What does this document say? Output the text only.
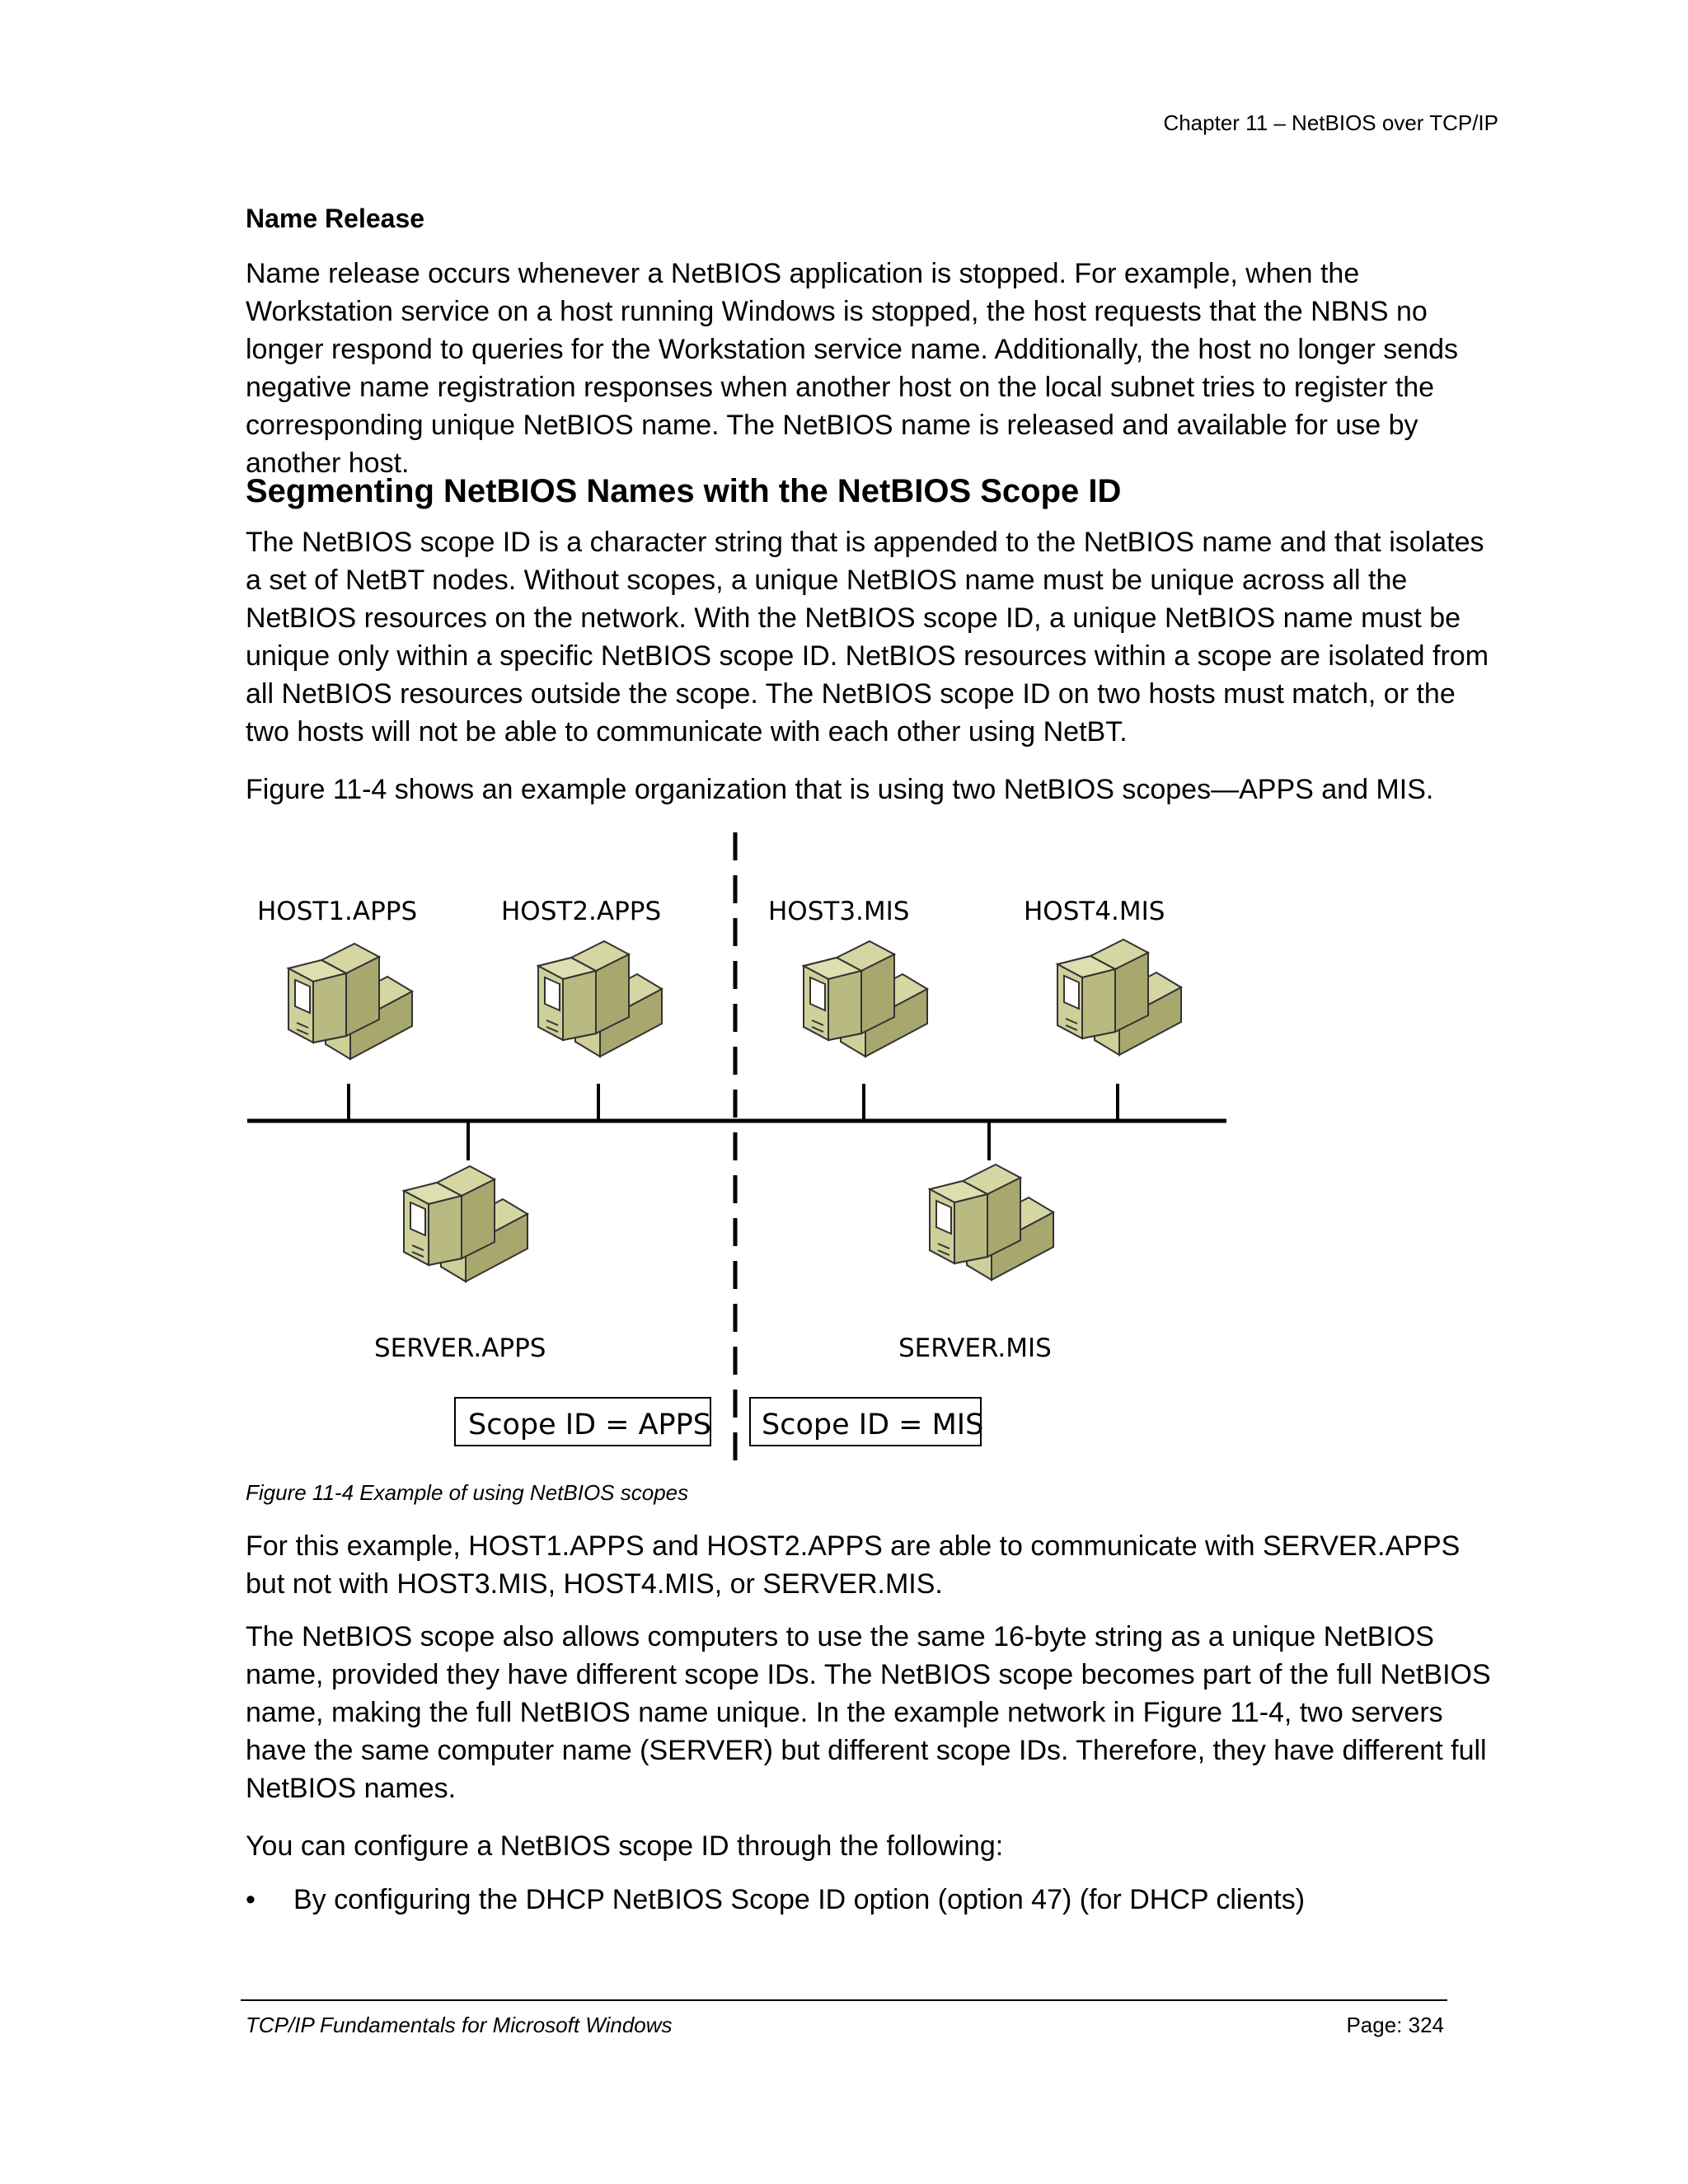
Chapter 11 – NetBIOS over TCP/IP
Name Release
Name release occurs whenever a NetBIOS application is stopped. For example, when the Workstation service on a host running Windows is stopped, the host requests that the NBNS no longer respond to queries for the Workstation service name. Additionally, the host no longer sends negative name registration responses when another host on the local subnet tries to register the corresponding unique NetBIOS name. The NetBIOS name is released and available for use by another host.
Segmenting NetBIOS Names with the NetBIOS Scope ID
The NetBIOS scope ID is a character string that is appended to the NetBIOS name and that isolates a set of NetBT nodes. Without scopes, a unique NetBIOS name must be unique across all the NetBIOS resources on the network. With the NetBIOS scope ID, a unique NetBIOS name must be unique only within a specific NetBIOS scope ID. NetBIOS resources within a scope are isolated from all NetBIOS resources outside the scope. The NetBIOS scope ID on two hosts must match, or the two hosts will not be able to communicate with each other using NetBT.
Figure 11-4 shows an example organization that is using two NetBIOS scopes—APPS and MIS.
HOST1.APPS	HOST2.APPS	HOST3.MIS	HOST4.MIS
SERVER.APPS	SERVER.MIS
Scope ID = APPS Scope ID = MIS
Figure 11-4 Example of using NetBIOS scopes
For this example, HOST1.APPS and HOST2.APPS are able to communicate with SERVER.APPS but not with HOST3.MIS, HOST4.MIS, or SERVER.MIS.
The NetBIOS scope also allows computers to use the same 16-byte string as a unique NetBIOS name, provided they have different scope IDs. The NetBIOS scope becomes part of the full NetBIOS name, making the full NetBIOS name unique. In the example network in Figure 11-4, two servers have the same computer name (SERVER) but different scope IDs. Therefore, they have different full NetBIOS names.
You can configure a NetBIOS scope ID through the following:
• By configuring the DHCP NetBIOS Scope ID option (option 47) (for DHCP clients)
TCP/IP Fundamentals for Microsoft Windows	Page: 324
